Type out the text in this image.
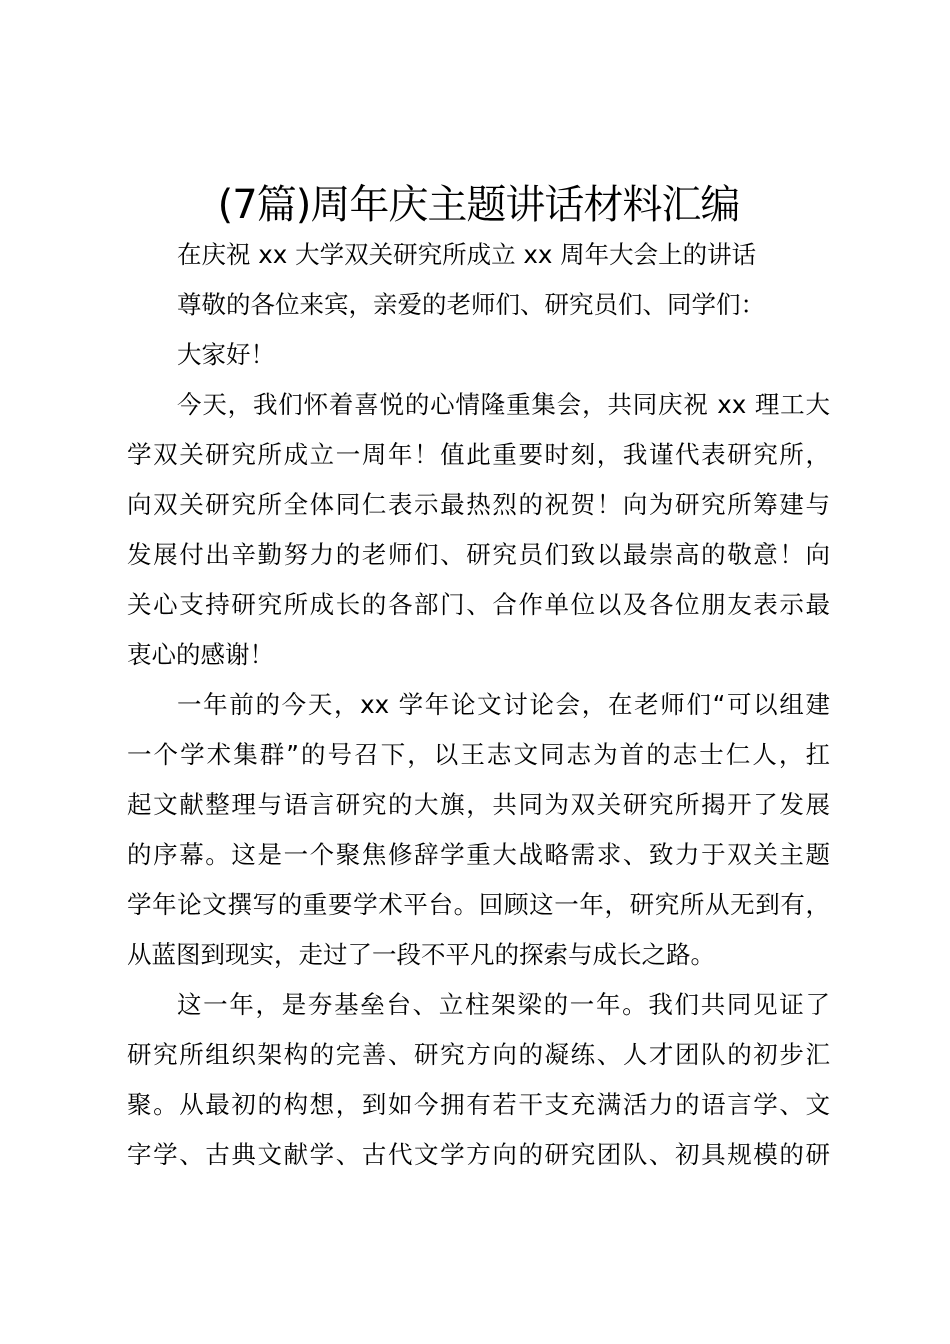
(7篇)周年庆主题讲话材料汇编
在庆祝 xx 大学双关研究所成立 xx 周年大会上的讲话
尊敬的各位来宾，亲爱的老师们、研究员们、同学们：
大家好！
今天，我们怀着喜悦的心情隆重集会，共同庆祝 xx 理工大
学双关研究所成立一周年！值此重要时刻，我谨代表研究所，
向双关研究所全体同仁表示最热烈的祝贺！向为研究所筹建与
发展付出辛勤努力的老师们、研究员们致以最崇高的敬意！向
关心支持研究所成长的各部门、合作单位以及各位朋友表示最
衷心的感谢！
一年前的今天，xx 学年论文讨论会，在老师们“可以组建
一个学术集群”的号召下，以王志文同志为首的志士仁人，扛
起文献整理与语言研究的大旗，共同为双关研究所揭开了发展
的序幕。这是一个聚焦修辞学重大战略需求、致力于双关主题
学年论文撰写的重要学术平台。回顾这一年，研究所从无到有，
从蓝图到现实，走过了一段不平凡的探索与成长之路。
这一年，是夯基垒台、立柱架梁的一年。我们共同见证了
研究所组织架构的完善、研究方向的凝练、人才团队的初步汇
聚。从最初的构想，到如今拥有若干支充满活力的语言学、文
字学、古典文献学、古代文学方向的研究团队、初具规模的研
